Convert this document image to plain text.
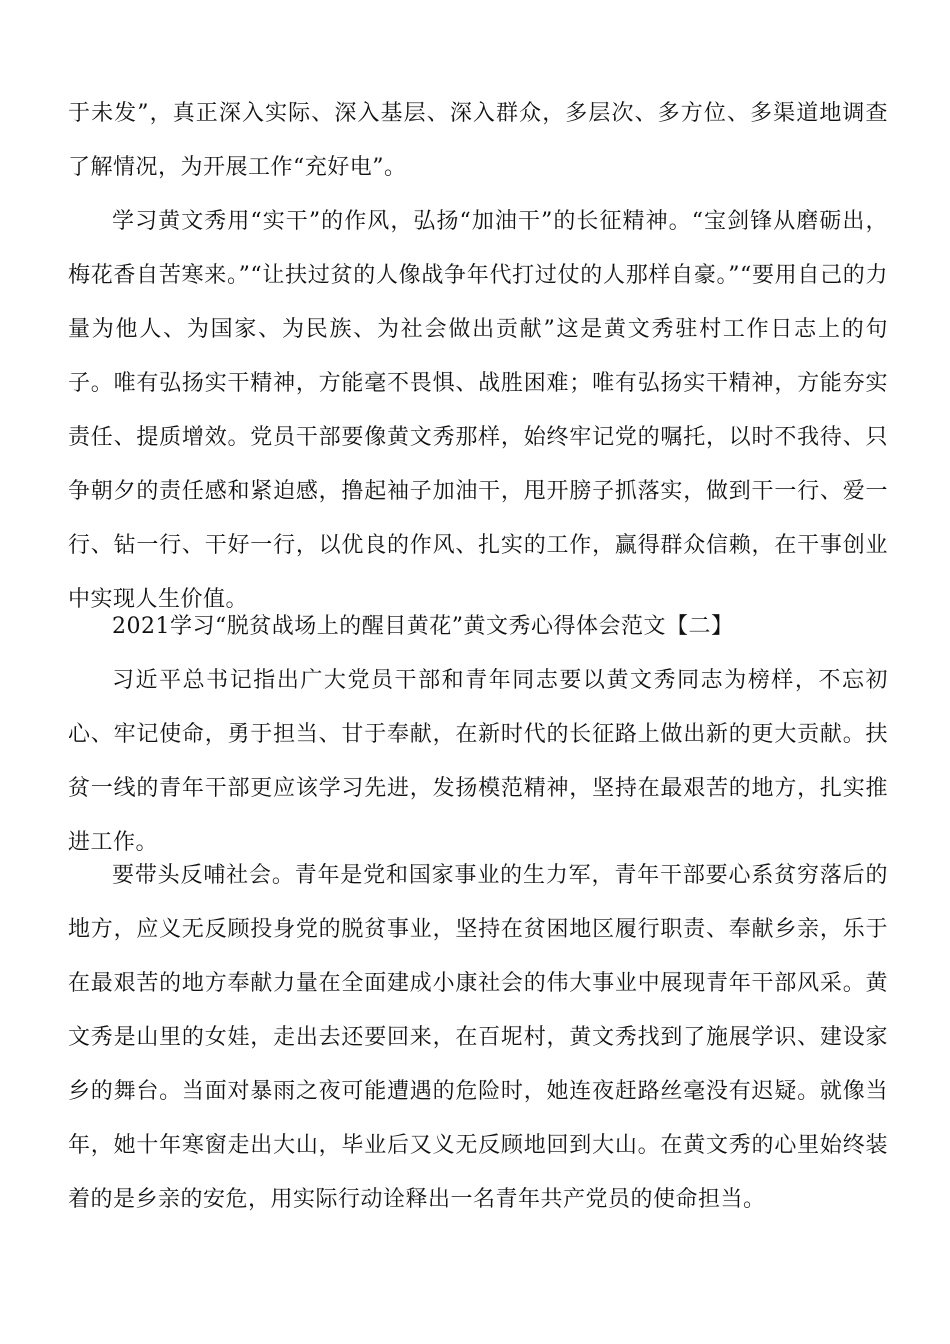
于未发”，真正深入实际、深入基层、深入群众，多层次、多方位、多渠道地调查了解情况，为开展工作“充好电”。

学习黄文秀用“实干”的作风，弘扬“加油干”的长征精神。“宝剑锋从磨砺出，梅花香自苦寒来。”“让扶过贫的人像战争年代打过仗的人那样自豪。”“要用自己的力量为他人、为国家、为民族、为社会做出贡献”这是黄文秀驻村工作日志上的句子。唯有弘扬实干精神，方能毫不畏惧、战胜困难；唯有弘扬实干精神，方能夯实责任、提质增效。党员干部要像黄文秀那样，始终牢记党的嘱托，以时不我待、只争朝夕的责任感和紧迫感，撸起袖子加油干，甩开膀子抓落实，做到干一行、爱一行、钻一行、干好一行，以优良的作风、扎实的工作，赢得群众信赖，在干事创业中实现人生价值。

2021学习“脱贫战场上的醒目黄花”黄文秀心得体会范文【二】

习近平总书记指出广大党员干部和青年同志要以黄文秀同志为榜样，不忘初心、牢记使命，勇于担当、甘于奉献，在新时代的长征路上做出新的更大贡献。扶贫一线的青年干部更应该学习先进，发扬模范精神，坚持在最艰苦的地方，扎实推进工作。

要带头反哺社会。青年是党和国家事业的生力军，青年干部要心系贫穷落后的地方，应义无反顾投身党的脱贫事业，坚持在贫困地区履行职责、奉献乡亲，乐于在最艰苦的地方奉献力量在全面建成小康社会的伟大事业中展现青年干部风采。黄文秀是山里的女娃，走出去还要回来，在百坭村，黄文秀找到了施展学识、建设家乡的舞台。当面对暴雨之夜可能遭遇的危险时，她连夜赶路丝毫没有迟疑。就像当年，她十年寒窗走出大山，毕业后又义无反顾地回到大山。在黄文秀的心里始终装着的是乡亲的安危，用实际行动诠释出一名青年共产党员的使命担当。
